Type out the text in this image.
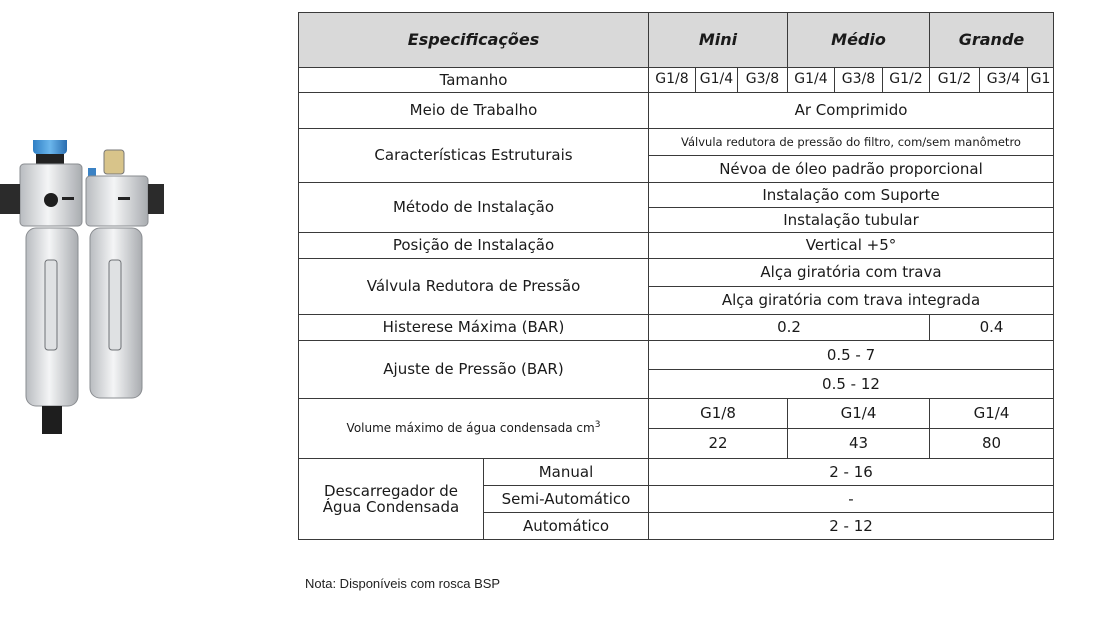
Especificações		Mini			Médio			Grande		
Tamanho		G1/8	G1/4	G3/8	G1/4	G3/8	G1/2	G1/2	G3/4	G1
Meio de Trabalho		Ar Comprimido								
Características Estruturais		Válvula redutora de pressão do filtro, com/sem manômetro								
		Névoa de óleo padrão proporcional								
Método de Instalação		Instalação com Suporte								
		Instalação tubular								
Posição de Instalação		Vertical +5°								
Válvula Redutora de Pressão		Alça giratória com trava								
		Alça giratória com trava integrada								
Histerese Máxima (BAR)		0.2						0.4		
Ajuste de Pressão (BAR)		0.5 - 7								
		0.5 - 12								
Volume máximo de água condensada $cm^3$		G1/8			G1/4			G1/4		
		22			43			80		
Descarregador de
Água Condensada	Manual	2 - 16								
	Semi-Automático	-								
	Automático	2 - 12								
Nota: Disponíveis com rosca BSP
